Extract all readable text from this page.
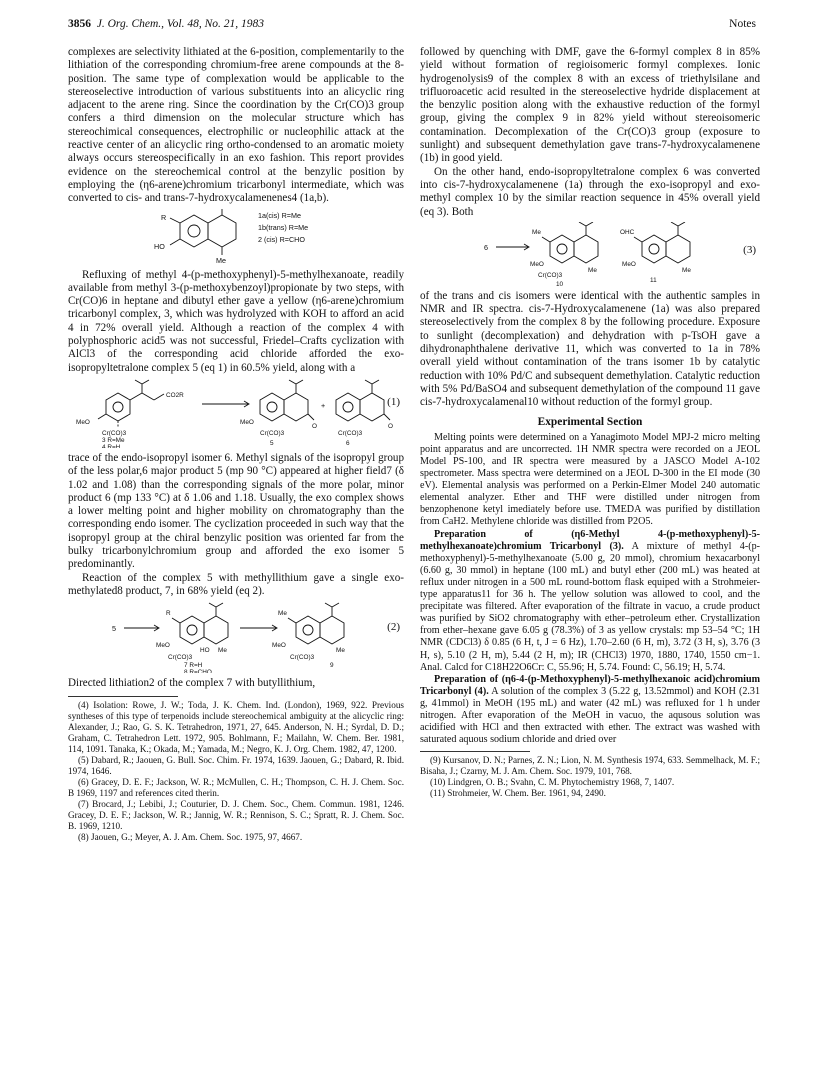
3856 J. Org. Chem., Vol. 48, No. 21, 1983	Notes

complexes are selectivity lithiated at the 6-position, complementarily to the lithiation of the corresponding chromium-free arene compounds at the 8-position. The same type of complexation would be applicable to the stereoselective introduction of various substituents into an alicyclic ring adjacent to the arene ring. Since the coordination by the Cr(CO)3 group confers a third dimension on the molecular structure which has stereochimical consequences, electrophilic or nucleophilic attack at the reactive center of an alicyclic ring ortho-condensed to an aromatic moiety always occurs stereospecifically in an exo fashion. This report provides evidence on the stereochemical control at the benzylic position by employing the (η6-arene)chromium tricarbonyl intermediate, which was converted to cis- and trans-7-hydroxycalamenenes4 (1a,b).

R
HO
Me
1a(cis) R=Me
1b(trans) R=Me
2 (cis) R=CHO

Refluxing of methyl 4-(p-methoxyphenyl)-5-methylhexanoate, readily available from methyl 3-(p-methoxybenzoyl)propionate by two steps, with Cr(CO)6 in heptane and dibutyl ether gave a yellow (η6-arene)chromium tricarbonyl complex, 3, which was hydrolyzed with KOH to afford an acid 4 in 72% overall yield. Although a reaction of the complex 4 with polyphosphoric acid5 was not successful, Friedel–Crafts cyclization with AlCl3 of the corresponding acid chloride afforded the exo-isopropyltetralone complex 5 (eq 1) in 60.5% yield, along with a

MeO
CO2R
Cr(CO)3
3 R=Me
4 R=H
O
MeO
Cr(CO)3
5
+
O
Cr(CO)3
6
(1)

trace of the endo-isopropyl isomer 6. Methyl signals of the isopropyl group of the less polar,6 major product 5 (mp 90 °C) appeared at higher field7 (δ 1.02 and 1.08) than the corresponding signals of the more polar, minor product 6 (mp 133 °C) at δ 1.06 and 1.18. Usually, the exo complex shows a lower melting point and higher mobility on chromatography than the corresponding endo isomer. The cyclization proceeded in such way that the isopropyl group at the chiral benzylic position was oriented far from the bulky tricarbonylchromium group and afforded the exo isomer 5 predominantly.

Reaction of the complex 5 with methyllithium gave a single exo-methylated8 product, 7, in 68% yield (eq 2).

5
R
MeO
HO Me
Cr(CO)3
7 R=H
8 R=CHO
Me
MeO
Me
Cr(CO)3
9
(2)

Directed lithiation2 of the complex 7 with butyllithium,

(4) Isolation: Rowe, J. W.; Toda, J. K. Chem. Ind. (London), 1969, 922. Previous syntheses of this type of terpenoids include stereochemical ambiguity at the alicyclic ring: Alexander, J.; Rao, G. S. K. Tetrahedron, 1971, 27, 645. Anderson, N. H.; Syrdal, D. D.; Graham, C. Tetrahedron Lett. 1972, 905. Bohlmann, F.; Mailahn, W. Chem. Ber. 1981, 114, 1091. Tanaka, K.; Okada, M.; Yamada, M.; Negro, K. J. Org. Chem. 1982, 47, 1200.

(5) Dabard, R.; Jaouen, G. Bull. Soc. Chim. Fr. 1974, 1639. Jaouen, G.; Dabard, R. Ibid. 1974, 1646.

(6) Gracey, D. E. F.; Jackson, W. R.; McMullen, C. H.; Thompson, C. H. J. Chem. Soc. B 1969, 1197 and references cited therin.

(7) Brocard, J.; Lebibi, J.; Couturier, D. J. Chem. Soc., Chem. Commun. 1981, 1246. Gracey, D. E. F.; Jackson, W. R.; Jannig, W. R.; Rennison, S. C.; Spratt, R. J. Chem. Soc. B. 1969, 1210.

(8) Jaouen, G.; Meyer, A. J. Am. Chem. Soc. 1975, 97, 4667.

followed by quenching with DMF, gave the 6-formyl complex 8 in 85% yield without formation of regioisomeric formyl complexes. Ionic hydrogenolysis9 of the complex 8 with an excess of triethylsilane and trifluoroacetic acid resulted in the stereoselective hydride displacement at the benzylic position along with the exhaustive reduction of the formyl group, giving the complex 9 in 82% yield without stereoisomeric contamination. Decomplexation of the Cr(CO)3 group (exposure to sunlight) and subsequent demethylation gave trans-7-hydroxycalamenene (1b) in good yield.

On the other hand, endo-isopropyltetralone complex 6 was converted into cis-7-hydroxycalamenene (1a) through the exo-isopropyl and exo-methyl complex 10 by the similar reaction sequence in 45% overall yield (eq 3). Both

6
Me
MeO
Cr(CO)3
Me
10
OHC
MeO
Me
11
(3)

of the trans and cis isomers were identical with the authentic samples in NMR and IR spectra. cis-7-Hydroxycalamenene (1a) was also prepared stereoselectively from the complex 8 by the following procedure. Exposure to sunlight (decomplexation) and dehydration with p-TsOH gave a dihydronaphthalene derivative 11, which was converted to 1a in 78% overall yield without contamination of the trans isomer 1b by catalytic reduction with 10% Pd/C and subsequent demethylation. Catalytic reduction with 5% Pd/BaSO4 and subsequent demethylation of the compound 11 gave cis-7-hydroxycalamenal10 without reduction of the formyl group.

Experimental Section

Melting points were determined on a Yanagimoto Model MPJ-2 micro melting point apparatus and are uncorrected. 1H NMR spectra were recorded on a JEOL Model PS-100, and IR spectra were measured by a JASCO Model A-102 spectrometer. Mass spectra were determined on a JEOL D-300 in the EI mode (30 eV). Elemental analysis was performed on a Perkin-Elmer Model 240 automatic elemental analyzer. Ether and THF were distilled under nitrogen from benzophenone ketyl imediately before use. TMEDA was purified by distillation from CaH2. Methylene chloride was distilled from P2O5.

Preparation of (η6-Methyl 4-(p-methoxyphenyl)-5-methylhexanoate)chromium Tricarbonyl (3). A mixture of methyl 4-(p-methoxyphenyl)-5-methylhexanoate (5.00 g, 20 mmol), chromium hexacarbonyl (6.60 g, 30 mmol) in heptane (100 mL) and butyl ether (200 mL) was heated at reflux under nitrogen in a 500 mL round-bottom flask equiped with a Strohmeier-type apparatus11 for 36 h. The yellow solution was allowed to cool, and the precipitate was filtered. After evaporation of the filtrate in vacuo, a crude product was purified by SiO2 chromatography with ether–petroleum ether. Crystallization from ether–hexane gave 6.05 g (78.3%) of 3 as yellow crystals: mp 53–54 °C; 1H NMR (CDCl3) δ 0.85 (6 H, t, J = 6 Hz), 1.70–2.60 (6 H, m), 3.72 (3 H, s), 3.76 (3 H, s), 5.10 (2 H, m), 5.44 (2 H, m); IR (CHCl3) 1970, 1880, 1740, 1550 cm−1. Anal. Calcd for C18H22O6Cr: C, 55.96; H, 5.74. Found: C, 56.19; H, 5.74.

Preparation of (η6-4-(p-Methoxyphenyl)-5-methylhexanoic acid)chromium Tricarbonyl (4). A solution of the complex 3 (5.22 g, 13.52mmol) and KOH (2.31 g, 41mmol) in MeOH (195 mL) and water (42 mL) was refluxed for 1 h under nitrogen. After evaporation of the MeOH in vacuo, the aqusous solution was acidified with HCl and then extracted with ether. The extract was washed with saturated aquous sodium chloride and dried over

(9) Kursanov, D. N.; Parnes, Z. N.; Lion, N. M. Synthesis 1974, 633. Semmelhack, M. F.; Bisaha, J.; Czarny, M. J. Am. Chem. Soc. 1979, 101, 768.

(10) Lindgren, O. B.; Svahn, C. M. Phytochemistry 1968, 7, 1407.

(11) Strohmeier, W. Chem. Ber. 1961, 94, 2490.
